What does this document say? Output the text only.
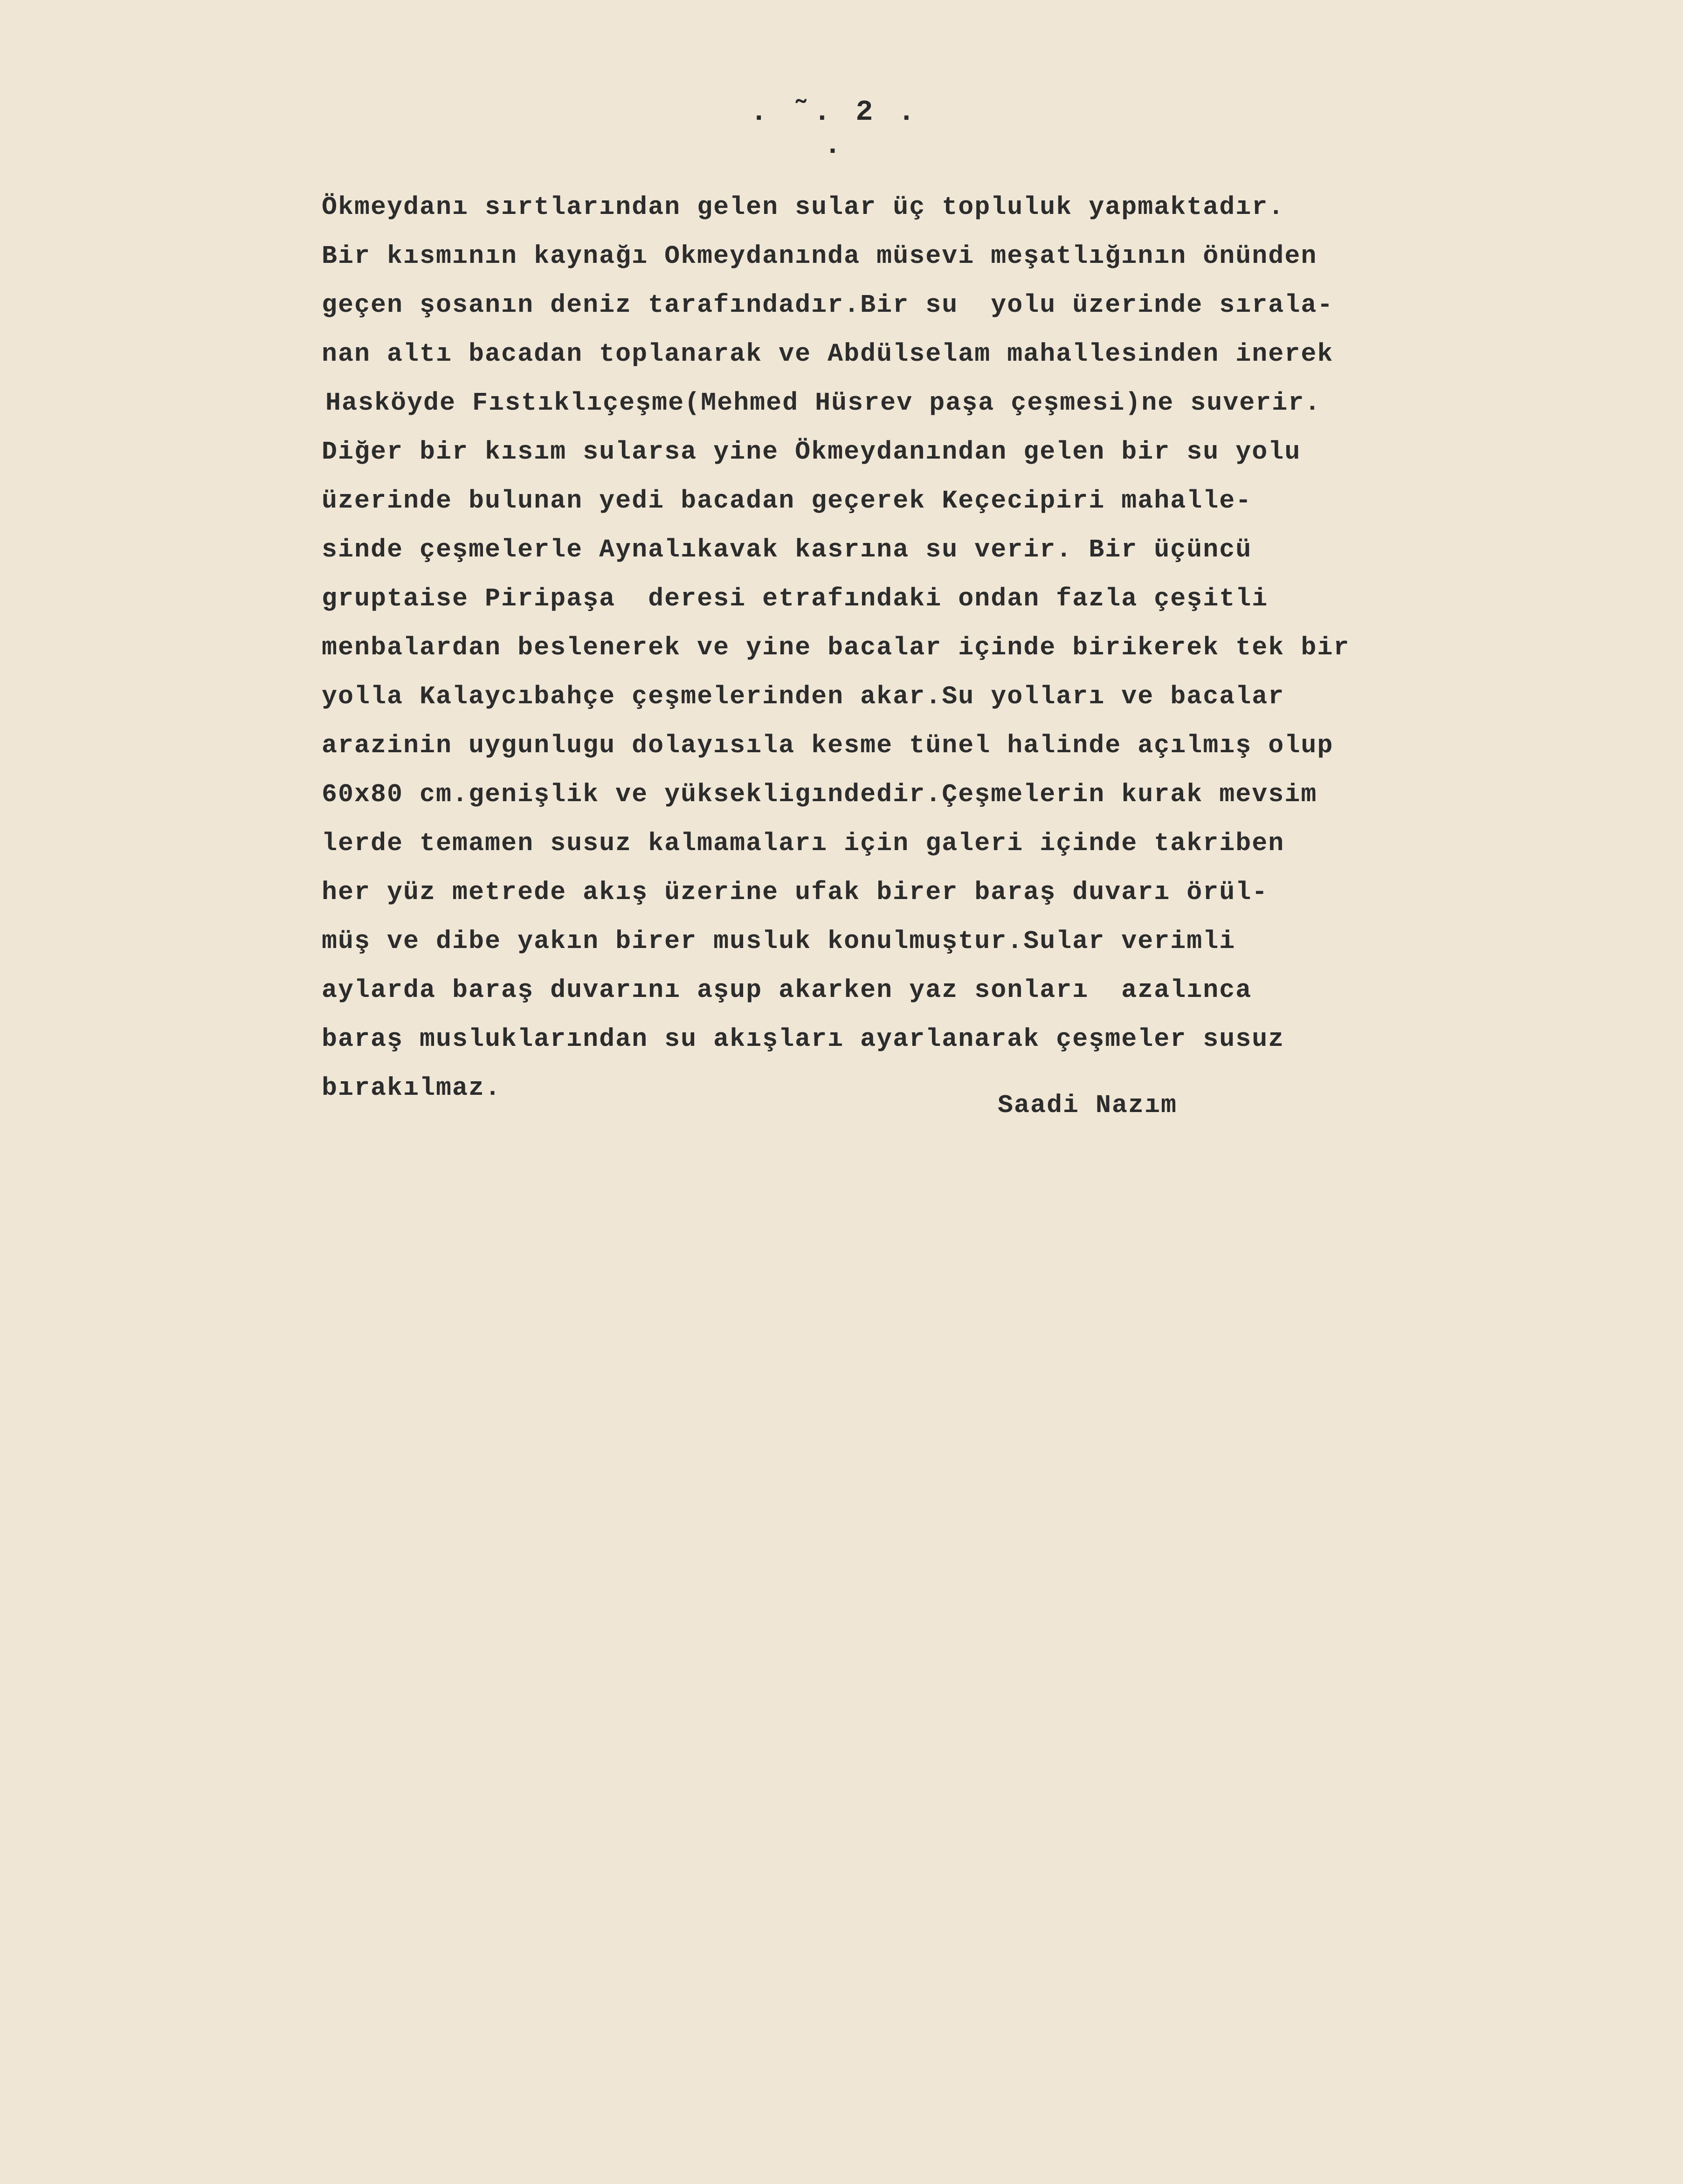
. ˜. 2 . .
Ökmeydanı sırtlarından gelen sular üç topluluk yapmaktadır.
Bir kısmının kaynağı Okmeydanında müsevi meşatlığının önünden
geçen şosanın deniz tarafındadır.Bir su  yolu üzerinde sırala-
nan altı bacadan toplanarak ve Abdülselam mahallesinden inerek
Hasköyde Fıstıklıçeşme(Mehmed Hüsrev paşa çeşmesi)ne suverir.
Diğer bir kısım sularsa yine Ökmeydanından gelen bir su yolu
üzerinde bulunan yedi bacadan geçerek Keçecipiri mahalle-
sinde çeşmelerle Aynalıkavak kasrına su verir. Bir üçüncü
gruptaise Piripaşa  deresi etrafındaki ondan fazla çeşitli
menbalardan beslenerek ve yine bacalar içinde birikerek tek bir
yolla Kalaycıbahçe çeşmelerinden akar.Su yolları ve bacalar
arazinin uygunlugu dolayısıla kesme tünel halinde açılmış olup
60x80 cm.genişlik ve yüksekligındedir.Çeşmelerin kurak mevsim
lerde temamen susuz kalmamaları için galeri içinde takriben
her yüz metrede akış üzerine ufak birer baraş duvarı örül-
müş ve dibe yakın birer musluk konulmuştur.Sular verimli
aylarda baraş duvarını aşup akarken yaz sonları  azalınca
baraş musluklarından su akışları ayarlanarak çeşmeler susuz
bırakılmaz.
Saadi Nazım
